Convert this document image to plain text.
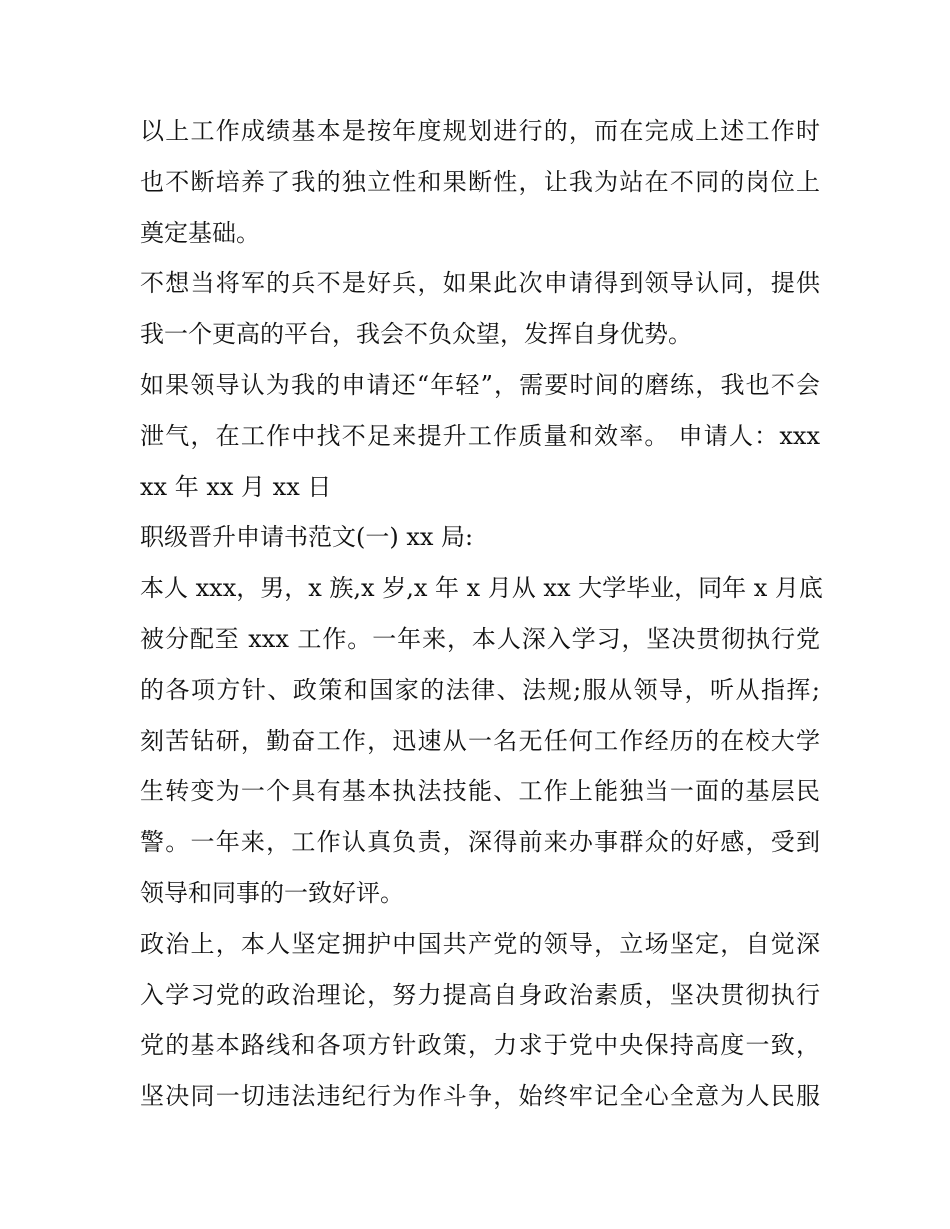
以上工作成绩基本是按年度规划进行的，而在完成上述工作时
也不断培养了我的独立性和果断性，让我为站在不同的岗位上
奠定基础。

不想当将军的兵不是好兵，如果此次申请得到领导认同，提供
我一个更高的平台，我会不负众望，发挥自身优势。

如果领导认为我的申请还“年轻”，需要时间的磨练，我也不会
泄气，在工作中找不足来提升工作质量和效率。 申请人：xxx
xx 年 xx 月 xx 日

职级晋升申请书范文(一) xx 局:

本人 xxx，男，x 族,x 岁,x 年 x 月从 xx 大学毕业，同年 x 月底
被分配至 xxx 工作。一年来，本人深入学习，坚决贯彻执行党
的各项方针、政策和国家的法律、法规;服从领导，听从指挥;
刻苦钻研，勤奋工作，迅速从一名无任何工作经历的在校大学
生转变为一个具有基本执法技能、工作上能独当一面的基层民
警。一年来，工作认真负责，深得前来办事群众的好感，受到
领导和同事的一致好评。

政治上，本人坚定拥护中国共产党的领导，立场坚定，自觉深
入学习党的政治理论，努力提高自身政治素质，坚决贯彻执行
党的基本路线和各项方针政策，力求于党中央保持高度一致，
坚决同一切违法违纪行为作斗争，始终牢记全心全意为人民服
